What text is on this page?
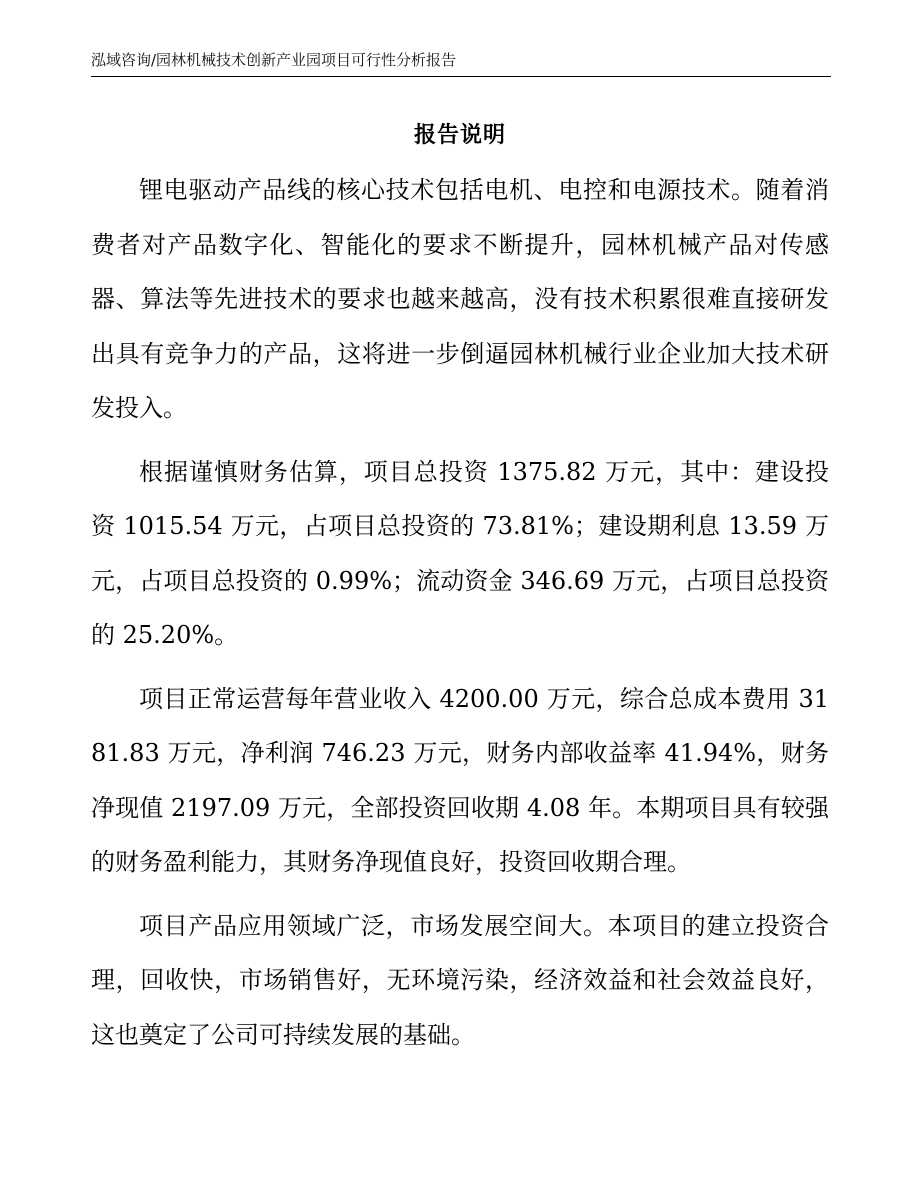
泓域咨询/园林机械技术创新产业园项目可行性分析报告
报告说明

锂电驱动产品线的核心技术包括电机、电控和电源技术。随着消费者对产品数字化、智能化的要求不断提升，园林机械产品对传感器、算法等先进技术的要求也越来越高，没有技术积累很难直接研发出具有竞争力的产品，这将进一步倒逼园林机械行业企业加大技术研发投入。

根据谨慎财务估算，项目总投资 1375.82 万元，其中：建设投资 1015.54 万元，占项目总投资的 73.81%；建设期利息 13.59 万元，占项目总投资的 0.99%；流动资金 346.69 万元，占项目总投资的 25.20%。

项目正常运营每年营业收入 4200.00 万元，综合总成本费用 3181.83 万元，净利润 746.23 万元，财务内部收益率 41.94%，财务净现值 2197.09 万元，全部投资回收期 4.08 年。本期项目具有较强的财务盈利能力，其财务净现值良好，投资回收期合理。

项目产品应用领域广泛，市场发展空间大。本项目的建立投资合理，回收快，市场销售好，无环境污染，经济效益和社会效益良好，这也奠定了公司可持续发展的基础。
